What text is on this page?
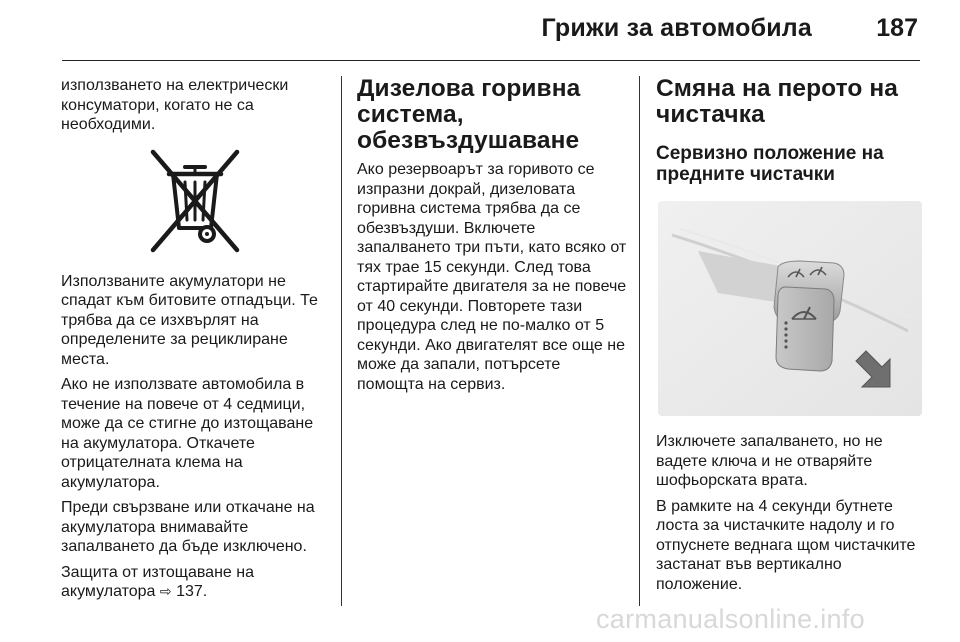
Грижи за автомобила	187

използването на електрически консуматори, когато не са необходими.

Използваните акумулатори не спадат към битовите отпадъци. Те трябва да се изхвърлят на определените за рециклиране места.

Ако не използвате автомобила в течение на повече от 4 седмици, може да се стигне до изтощаване на акумулатора. Откачете отрицателната клема на акумулатора.

Преди свързване или откачане на акумулатора внимавайте запалването да бъде изключено.

Защита от изтощаване на акумулатора ⇨ 137.

Дизелова горивна система, обезвъздушаване

Ако резервоарът за горивото се изпразни докрай, дизеловата горивна система трябва да се обезвъздуши. Включете запалването три пъти, като всяко от тях трае 15 секунди. След това стартирайте двигателя за не повече от 40 секунди. Повторете тази процедура след не по-малко от 5 секунди. Ако двигателят все още не може да запали, потърсете помощта на сервиз.

Смяна на перото на чистачка
Сервизно положение на предните чистачки

Изключете запалването, но не вадете ключа и не отваряйте шофьорската врата.

В рамките на 4 секунди бутнете лоста за чистачките надолу и го отпуснете веднага щом чистачките застанат във вертикално положение.

carmanualsonline.info
